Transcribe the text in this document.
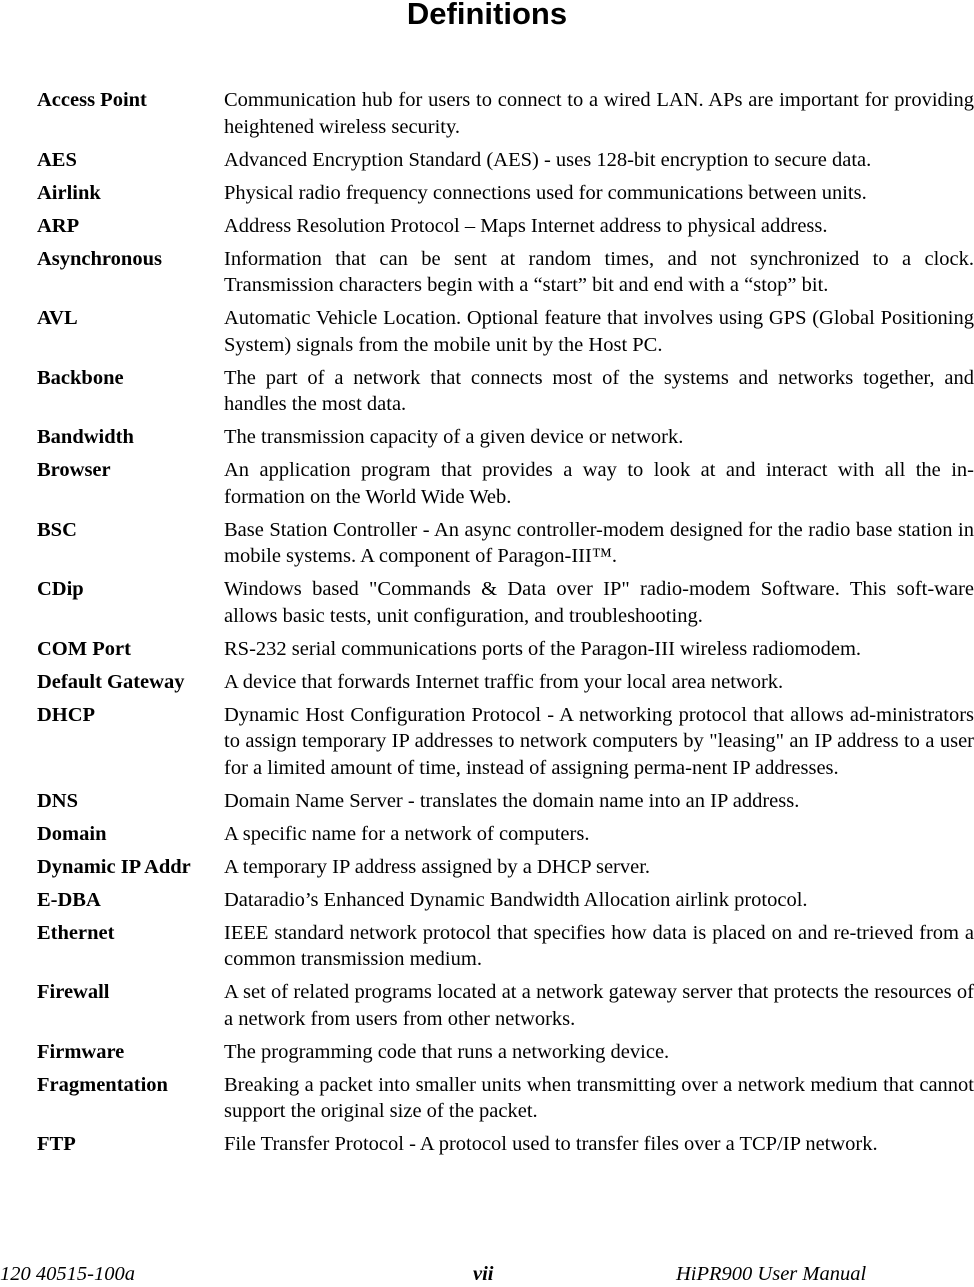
Definitions
Access Point	Communication hub for users to connect to a wired LAN. APs are important for providing heightened wireless security.
AES	Advanced Encryption Standard (AES) - uses 128-bit encryption to secure data.
Airlink	Physical radio frequency connections used for communications between units.
ARP	Address Resolution Protocol – Maps Internet address to physical address.
Asynchronous	Information that can be sent at random times, and not synchronized to a clock. Transmission characters begin with a “start” bit and end with a “stop” bit.
AVL	Automatic Vehicle Location. Optional feature that involves using GPS (Global Positioning System) signals from the mobile unit by the Host PC.
Backbone	The part of a network that connects most of the systems and networks together, and handles the most data.
Bandwidth	The transmission capacity of a given device or network.
Browser	An application program that provides a way to look at and interact with all the in-formation on the World Wide Web.
BSC	Base Station Controller - An async controller-modem designed for the radio base station in mobile systems. A component of Paragon-III™.
CDip	Windows based "Commands & Data over IP" radio-modem Software. This soft-ware allows basic tests, unit configuration, and troubleshooting.
COM Port	RS-232 serial communications ports of the Paragon-III wireless radiomodem.
Default Gateway	A device that forwards Internet traffic from your local area network.
DHCP	Dynamic Host Configuration Protocol - A networking protocol that allows ad-ministrators to assign temporary IP addresses to network computers by "leasing" an IP address to a user for a limited amount of time, instead of assigning perma-nent IP addresses.
DNS	Domain Name Server - translates the domain name into an IP address.
Domain	A specific name for a network of computers.
Dynamic IP Addr	A temporary IP address assigned by a DHCP server.
E-DBA	Dataradio’s Enhanced Dynamic Bandwidth Allocation airlink protocol.
Ethernet	IEEE standard network protocol that specifies how data is placed on and re-trieved from a common transmission medium.
Firewall	A set of related programs located at a network gateway server that protects the resources of a network from users from other networks.
Firmware	The programming code that runs a networking device.
Fragmentation	Breaking a packet into smaller units when transmitting over a network medium that cannot support the original size of the packet.
FTP	File Transfer Protocol - A protocol used to transfer files over a TCP/IP network.
120 40515-100a	vii	HiPR900 User Manual
